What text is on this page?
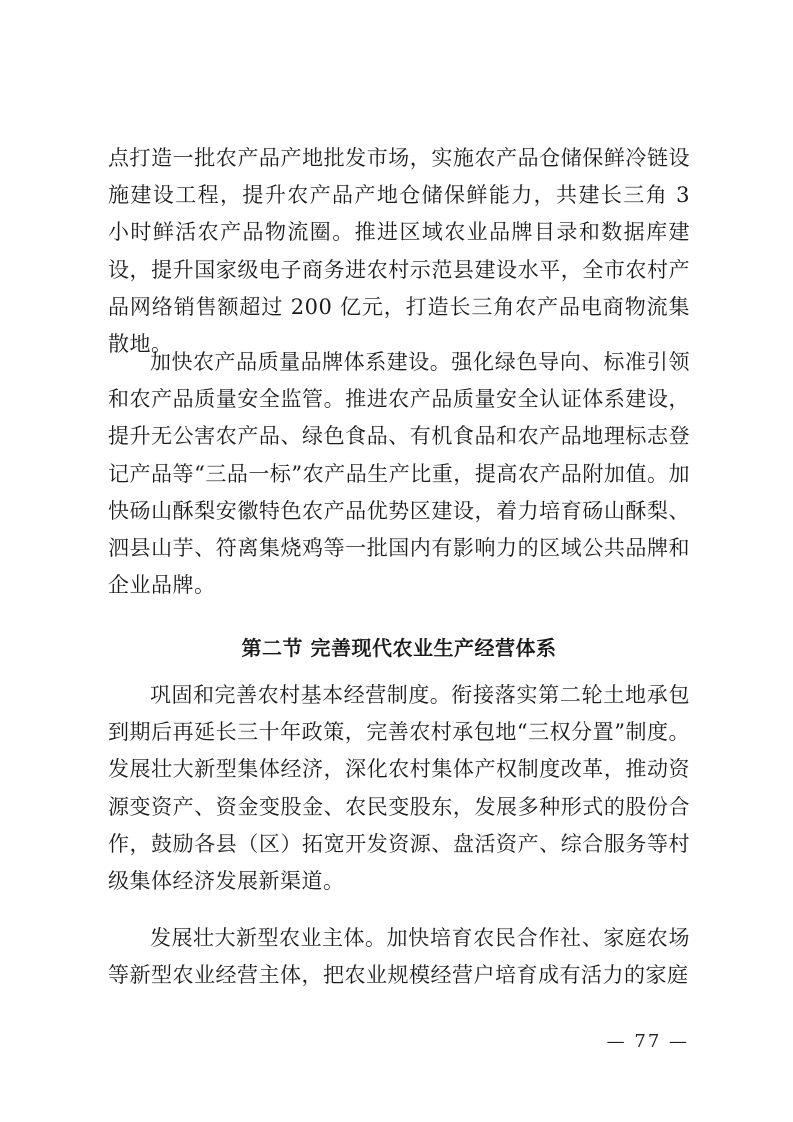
点打造一批农产品产地批发市场，实施农产品仓储保鲜冷链设施建设工程，提升农产品产地仓储保鲜能力，共建长三角 3 小时鲜活农产品物流圈。推进区域农业品牌目录和数据库建设，提升国家级电子商务进农村示范县建设水平，全市农村产品网络销售额超过 200 亿元，打造长三角农产品电商物流集散地。

加快农产品质量品牌体系建设。强化绿色导向、标准引领和农产品质量安全监管。推进农产品质量安全认证体系建设，提升无公害农产品、绿色食品、有机食品和农产品地理标志登记产品等“三品一标”农产品生产比重，提高农产品附加值。加快砀山酥梨安徽特色农产品优势区建设，着力培育砀山酥梨、泗县山芋、符离集烧鸡等一批国内有影响力的区域公共品牌和企业品牌。

第二节 完善现代农业生产经营体系

巩固和完善农村基本经营制度。衔接落实第二轮土地承包到期后再延长三十年政策，完善农村承包地“三权分置”制度。发展壮大新型集体经济，深化农村集体产权制度改革，推动资源变资产、资金变股金、农民变股东，发展多种形式的股份合作，鼓励各县（区）拓宽开发资源、盘活资产、综合服务等村级集体经济发展新渠道。

发展壮大新型农业主体。加快培育农民合作社、家庭农场等新型农业经营主体，把农业规模经营户培育成有活力的家庭

— 77 —
